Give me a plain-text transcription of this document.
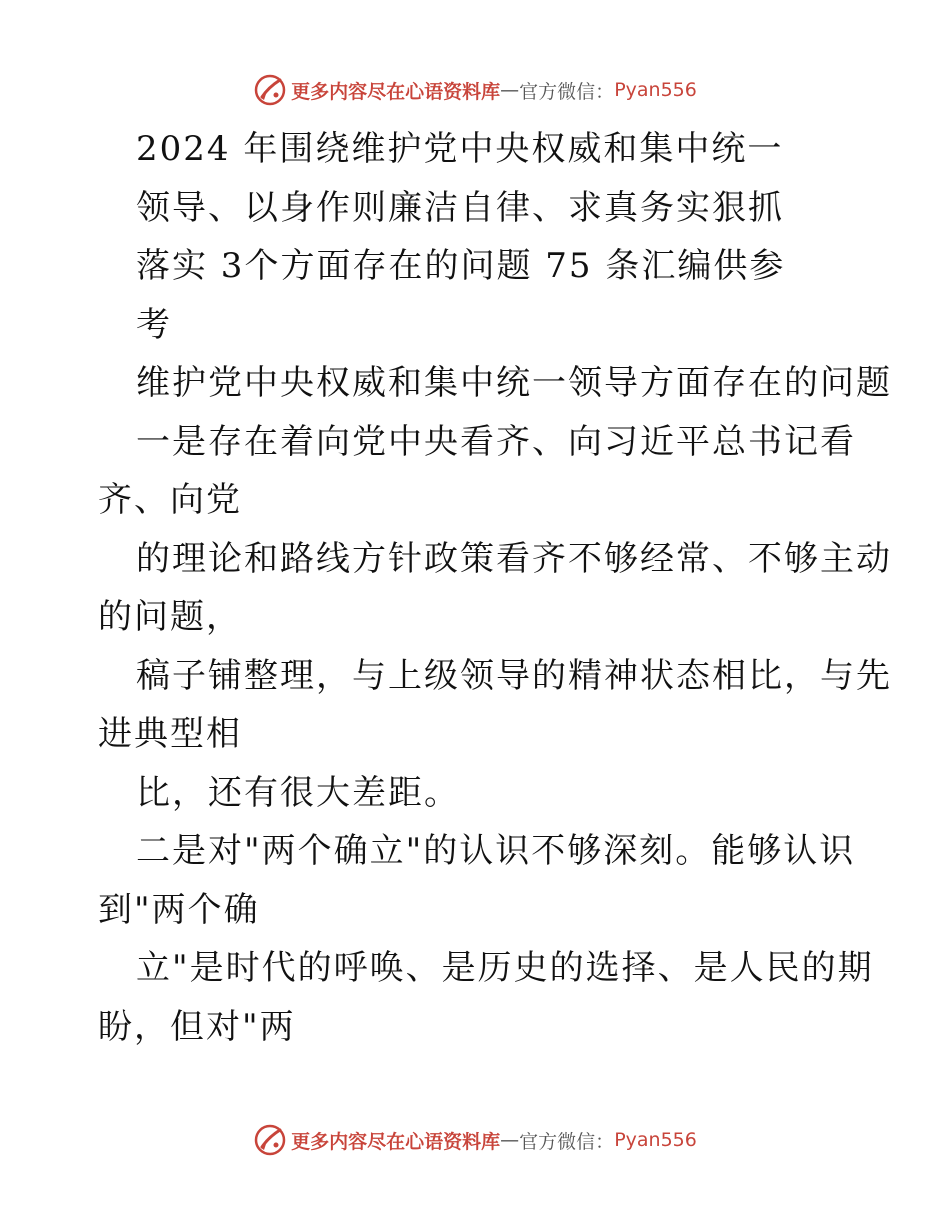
更多内容尽在心语资料库 — 官方微信： Pyan556
2024 年围绕维护党中央权威和集中统一
领导、以身作则廉洁自律、求真务实狠抓
落实 3个方面存在的问题 75 条汇编供参
考
维护党中央权威和集中统一领导方面存在的问题
一是存在着向党中央看齐、向习近平总书记看
齐、向党
的理论和路线方针政策看齐不够经常、不够主动
的问题，
稿子铺整理，与上级领导的精神状态相比，与先
进典型相
比，还有很大差距。
二是对"两个确立"的认识不够深刻。能够认识
到"两个确
立"是时代的呼唤、是历史的选择、是人民的期
盼，但对"两
更多内容尽在心语资料库 — 官方微信： Pyan556
